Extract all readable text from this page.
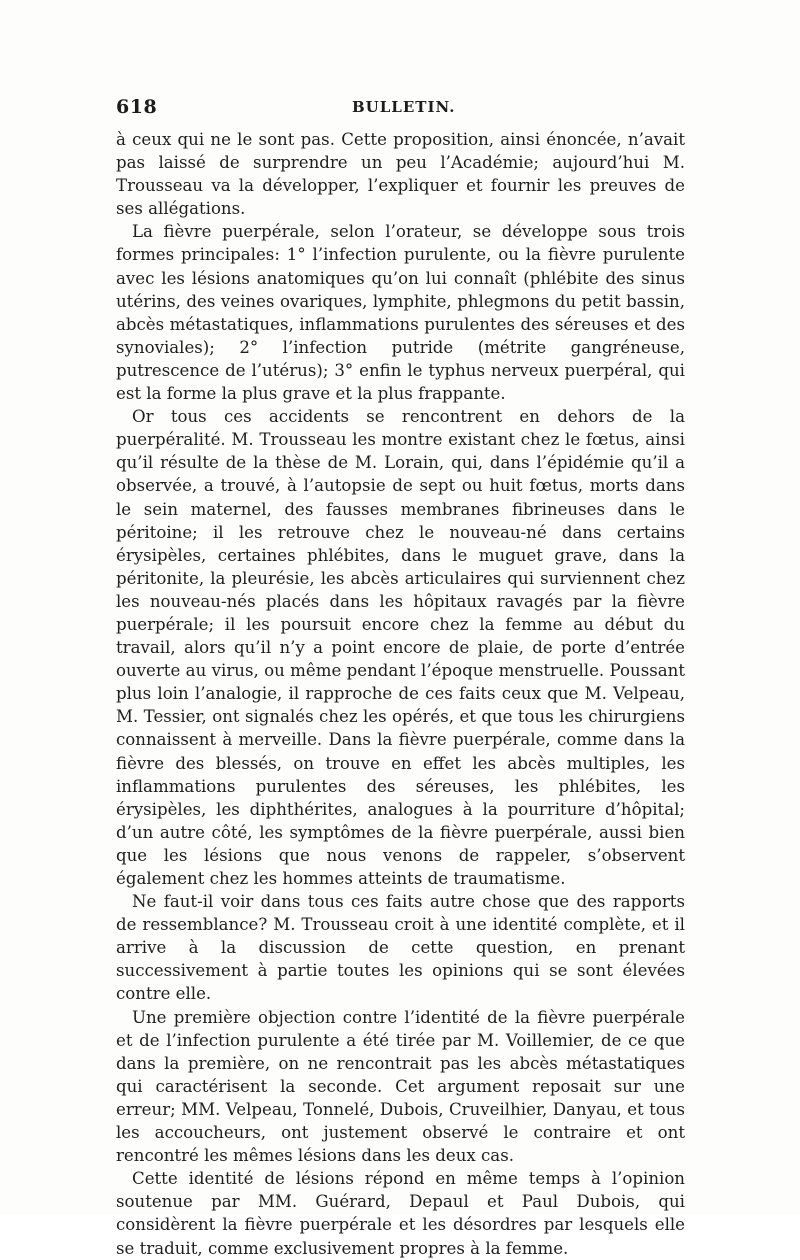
618	BULLETIN.

à ceux qui ne le sont pas. Cette proposition, ainsi énoncée, n’avait pas laissé de surprendre un peu l’Académie; aujourd’hui M. Trousseau va la développer, l’expliquer et fournir les preuves de ses allégations.

La fièvre puerpérale, selon l’orateur, se développe sous trois formes principales: 1° l’infection purulente, ou la fièvre purulente avec les lésions anatomiques qu’on lui connaît (phlébite des sinus utérins, des veines ovariques, lymphite, phlegmons du petit bassin, abcès métastatiques, inflammations purulentes des séreuses et des synoviales); 2° l’infection putride (métrite gangréneuse, putrescence de l’utérus); 3° enfin le typhus nerveux puerpéral, qui est la forme la plus grave et la plus frappante.

Or tous ces accidents se rencontrent en dehors de la puerpéralité. M. Trousseau les montre existant chez le fœtus, ainsi qu’il résulte de la thèse de M. Lorain, qui, dans l’épidémie qu’il a observée, a trouvé, à l’autopsie de sept ou huit fœtus, morts dans le sein maternel, des fausses membranes fibrineuses dans le péritoine; il les retrouve chez le nouveau-né dans certains érysipèles, certaines phlébites, dans le muguet grave, dans la péritonite, la pleurésie, les abcès articulaires qui surviennent chez les nouveau-nés placés dans les hôpitaux ravagés par la fièvre puerpérale; il les poursuit encore chez la femme au début du travail, alors qu’il n’y a point encore de plaie, de porte d’entrée ouverte au virus, ou même pendant l’époque menstruelle. Poussant plus loin l’analogie, il rapproche de ces faits ceux que M. Velpeau, M. Tessier, ont signalés chez les opérés, et que tous les chirurgiens connaissent à merveille. Dans la fièvre puerpérale, comme dans la fièvre des blessés, on trouve en effet les abcès multiples, les inflammations purulentes des séreuses, les phlébites, les érysipèles, les diphthérites, analogues à la pourriture d’hôpital; d’un autre côté, les symptômes de la fièvre puerpérale, aussi bien que les lésions que nous venons de rappeler, s’observent également chez les hommes atteints de traumatisme.

Ne faut-il voir dans tous ces faits autre chose que des rapports de ressemblance? M. Trousseau croit à une identité complète, et il arrive à la discussion de cette question, en prenant successivement à partie toutes les opinions qui se sont élevées contre elle.

Une première objection contre l’identité de la fièvre puerpérale et de l’infection purulente a été tirée par M. Voillemier, de ce que dans la première, on ne rencontrait pas les abcès métastatiques qui caractérisent la seconde. Cet argument reposait sur une erreur; MM. Velpeau, Tonnelé, Dubois, Cruveilhier, Danyau, et tous les accoucheurs, ont justement observé le contraire et ont rencontré les mêmes lésions dans les deux cas.

Cette identité de lésions répond en même temps à l’opinion soutenue par MM. Guérard, Depaul et Paul Dubois, qui considèrent la fièvre puerpérale et les désordres par lesquels elle se traduit, comme exclusivement propres à la femme.
